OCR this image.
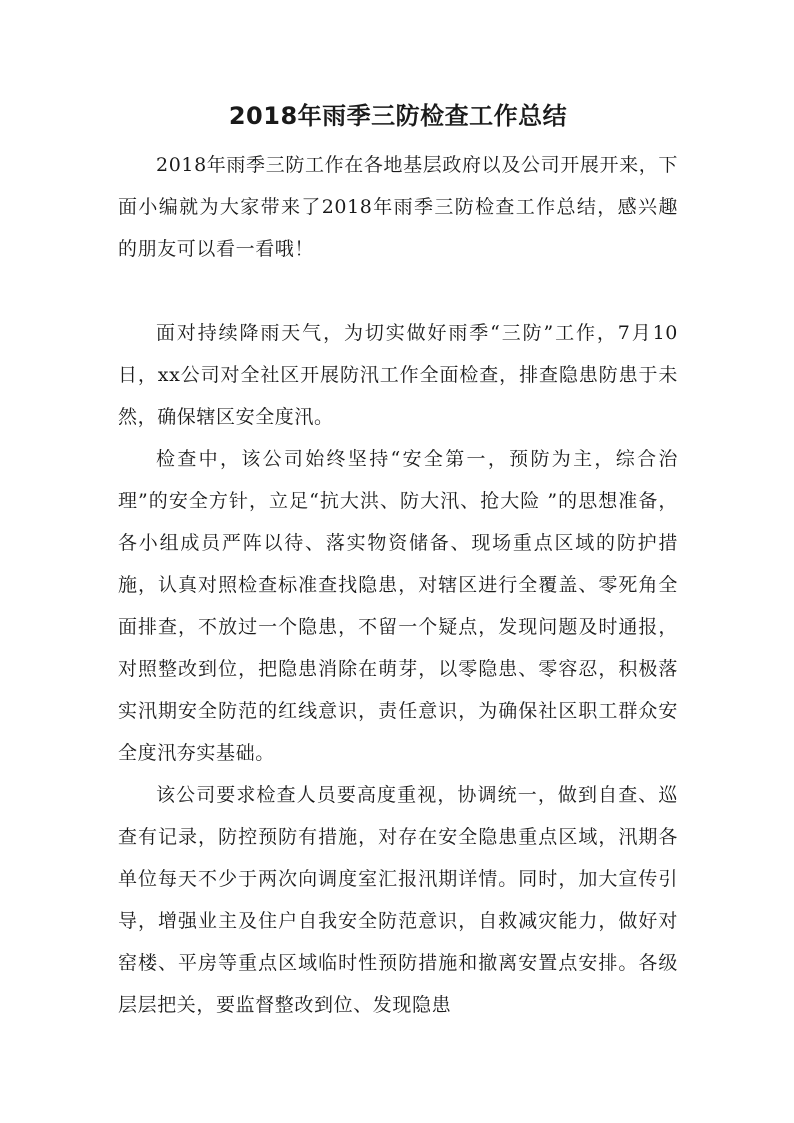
2018年雨季三防检查工作总结

2018年雨季三防工作在各地基层政府以及公司开展开来，下面小编就为大家带来了2018年雨季三防检查工作总结，感兴趣的朋友可以看一看哦！

面对持续降雨天气，为切实做好雨季“三防”工作，7月10日，xx公司对全社区开展防汛工作全面检查，排查隐患防患于未然，确保辖区安全度汛。

检查中，该公司始终坚持“安全第一，预防为主，综合治理”的安全方针，立足“抗大洪、防大汛、抢大险 ”的思想准备，各小组成员严阵以待、落实物资储备、现场重点区域的防护措施，认真对照检查标准查找隐患，对辖区进行全覆盖、零死角全面排查，不放过一个隐患，不留一个疑点，发现问题及时通报，对照整改到位，把隐患消除在萌芽，以零隐患、零容忍，积极落实汛期安全防范的红线意识，责任意识，为确保社区职工群众安全度汛夯实基础。

该公司要求检查人员要高度重视，协调统一，做到自查、巡查有记录，防控预防有措施，对存在安全隐患重点区域，汛期各单位每天不少于两次向调度室汇报汛期详情。同时，加大宣传引导，增强业主及住户自我安全防范意识，自救减灾能力，做好对窑楼、平房等重点区域临时性预防措施和撤离安置点安排。各级层层把关，要监督整改到位、发现隐患
